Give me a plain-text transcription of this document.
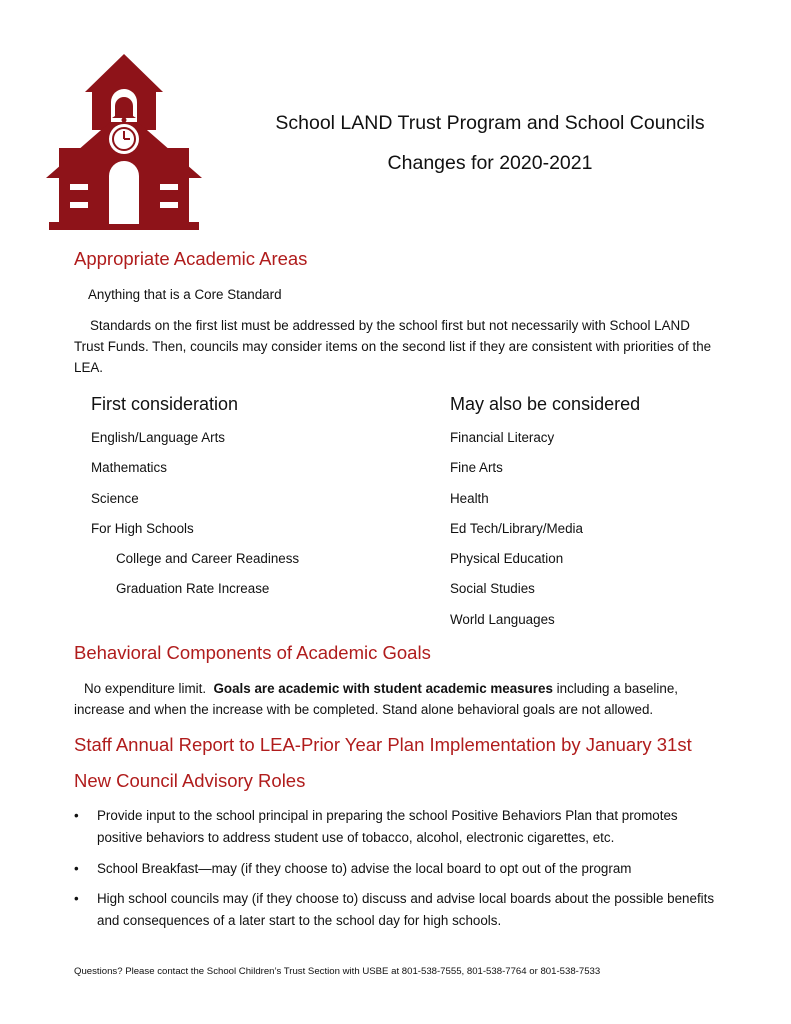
School LAND Trust Program and School Councils
Changes for 2020-2021
Appropriate Academic Areas
Anything that is a Core Standard
Standards on the first list must be addressed by the school first but not necessarily with School LAND Trust Funds. Then, councils may consider items on the second list if they are consistent with priorities of the LEA.
First consideration	May also be considered
English/Language Arts
Mathematics
Science
For High Schools
College and Career Readiness
Graduation Rate Increase
Financial Literacy
Fine Arts
Health
Ed Tech/Library/Media
Physical Education
Social Studies
World Languages
Behavioral Components of Academic Goals
No expenditure limit. Goals are academic with student academic measures including a baseline, increase and when the increase with be completed. Stand alone behavioral goals are not allowed.
Staff Annual Report to LEA-Prior Year Plan Implementation by January 31st
New Council Advisory Roles
• Provide input to the school principal in preparing the school Positive Behaviors Plan that promotes positive behaviors to address student use of tobacco, alcohol, electronic cigarettes, etc.
• School Breakfast—may (if they choose to) advise the local board to opt out of the program
• High school councils may (if they choose to) discuss and advise local boards about the possible benefits and consequences of a later start to the school day for high schools.
Questions? Please contact the School Children’s Trust Section with USBE at 801-538-7555, 801-538-7764 or 801-538-7533
